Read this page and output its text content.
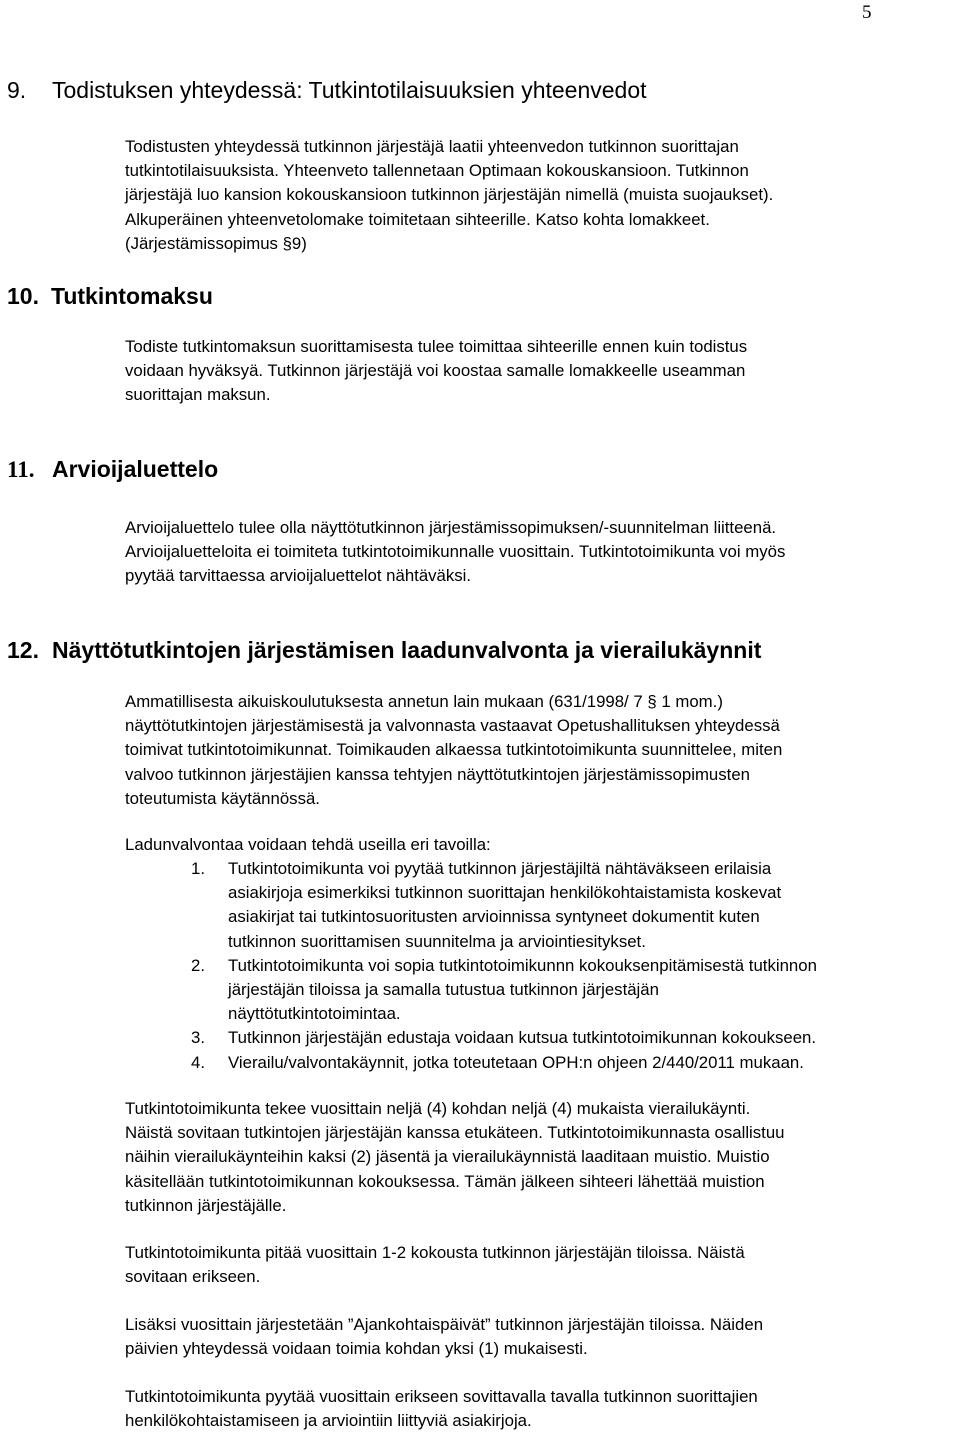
5
9. Todistuksen yhteydessä: Tutkintotilaisuuksien yhteenvedot
Todistusten yhteydessä tutkinnon järjestäjä laatii yhteenvedon tutkinnon suorittajan
tutkintotilaisuuksista. Yhteenveto tallennetaan Optimaan kokouskansioon. Tutkinnon
järjestäjä luo kansion kokouskansioon tutkinnon järjestäjän nimellä (muista suojaukset).
Alkuperäinen yhteenvetolomake toimitetaan sihteerille. Katso kohta lomakkeet.
(Järjestämissopimus §9)
10. Tutkintomaksu
Todiste tutkintomaksun suorittamisesta tulee toimittaa sihteerille ennen kuin todistus
voidaan hyväksyä. Tutkinnon järjestäjä voi koostaa samalle lomakkeelle useamman
suorittajan maksun.
11. Arvioijaluettelo
Arvioijaluettelo tulee olla näyttötutkinnon järjestämissopimuksen/-suunnitelman liitteenä.
Arvioijaluetteloita ei toimiteta tutkintotoimikunnalle vuosittain. Tutkintotoimikunta voi myös
pyytää tarvittaessa arvioijaluettelot nähtäväksi.
12. Näyttötutkintojen järjestämisen laadunvalvonta ja vierailukäynnit
Ammatillisesta aikuiskoulutuksesta annetun lain mukaan (631/1998/ 7 § 1 mom.)
näyttötutkintojen järjestämisestä ja valvonnasta vastaavat Opetushallituksen yhteydessä
toimivat tutkintotoimikunnat. Toimikauden alkaessa tutkintotoimikunta suunnittelee, miten
valvoo tutkinnon järjestäjien kanssa tehtyjen näyttötutkintojen järjestämissopimusten
toteutumista käytännössä.
Ladunvalvontaa voidaan tehdä useilla eri tavoilla:
1. Tutkintotoimikunta voi pyytää tutkinnon järjestäjiltä nähtäväkseen erilaisia
asiakirjoja esimerkiksi tutkinnon suorittajan henkilökohtaistamista koskevat
asiakirjat tai tutkintosuoritusten arvioinnissa syntyneet dokumentit kuten
tutkinnon suorittamisen suunnitelma ja arviointiesitykset.
2. Tutkintotoimikunta voi sopia tutkintotoimikunnn kokouksenpitämisestä tutkinnon
järjestäjän tiloissa ja samalla tutustua tutkinnon järjestäjän
näyttötutkintotoimintaa.
3. Tutkinnon järjestäjän edustaja voidaan kutsua tutkintotoimikunnan kokoukseen.
4. Vierailu/valvontakäynnit, jotka toteutetaan OPH:n ohjeen 2/440/2011 mukaan.
Tutkintotoimikunta tekee vuosittain neljä (4) kohdan neljä (4) mukaista vierailukäynti.
Näistä sovitaan tutkintojen järjestäjän kanssa etukäteen. Tutkintotoimikunnasta osallistuu
näihin vierailukäynteihin kaksi (2) jäsentä ja vierailukäynnistä laaditaan muistio. Muistio
käsitellään tutkintotoimikunnan kokouksessa. Tämän jälkeen sihteeri lähettää muistion
tutkinnon järjestäjälle.
Tutkintotoimikunta pitää vuosittain 1-2 kokousta tutkinnon järjestäjän tiloissa. Näistä
sovitaan erikseen.
Lisäksi vuosittain järjestetään ”Ajankohtaispäivät” tutkinnon järjestäjän tiloissa. Näiden
päivien yhteydessä voidaan toimia kohdan yksi (1) mukaisesti.
Tutkintotoimikunta pyytää vuosittain erikseen sovittavalla tavalla tutkinnon suorittajien
henkilökohtaistamiseen ja arviointiin liittyviä asiakirjoja.
